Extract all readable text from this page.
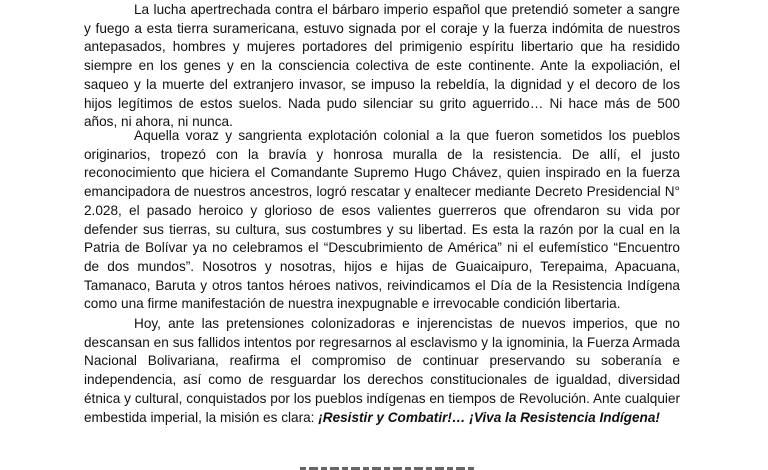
La lucha apertrechada contra el bárbaro imperio español que pretendió someter a sangre y fuego a esta tierra suramericana, estuvo signada por el coraje y la fuerza indómita de nuestros antepasados, hombres y mujeres portadores del primigenio espíritu libertario que ha residido siempre en los genes y en la consciencia colectiva de este continente. Ante la expoliación, el saqueo y la muerte del extranjero invasor, se impuso la rebeldía, la dignidad y el decoro de los hijos legítimos de estos suelos. Nada pudo silenciar su grito aguerrido… Ni hace más de 500 años, ni ahora, ni nunca.

Aquella voraz y sangrienta explotación colonial a la que fueron sometidos los pueblos originarios, tropezó con la bravía y honrosa muralla de la resistencia. De allí, el justo reconocimiento que hiciera el Comandante Supremo Hugo Chávez, quien inspirado en la fuerza emancipadora de nuestros ancestros, logró rescatar y enaltecer mediante Decreto Presidencial N° 2.028, el pasado heroico y glorioso de esos valientes guerreros que ofrendaron su vida por defender sus tierras, su cultura, sus costumbres y su libertad. Es esta la razón por la cual en la Patria de Bolívar ya no celebramos el “Descubrimiento de América” ni el eufemístico “Encuentro de dos mundos”. Nosotros y nosotras, hijos e hijas de Guaicaipuro, Terepaima, Apacuana, Tamanaco, Baruta y otros tantos héroes nativos, reivindicamos el Día de la Resistencia Indígena como una firme manifestación de nuestra inexpugnable e irrevocable condición libertaria.

Hoy, ante las pretensiones colonizadoras e injerencistas de nuevos imperios, que no descansan en sus fallidos intentos por regresarnos al esclavismo y la ignominia, la Fuerza Armada Nacional Bolivariana, reafirma el compromiso de continuar preservando su soberanía e independencia, así como de resguardar los derechos constitucionales de igualdad, diversidad étnica y cultural, conquistados por los pueblos indígenas en tiempos de Revolución. Ante cualquier embestida imperial, la misión es clara: ¡Resistir y Combatir!… ¡Viva la Resistencia Indígena!
